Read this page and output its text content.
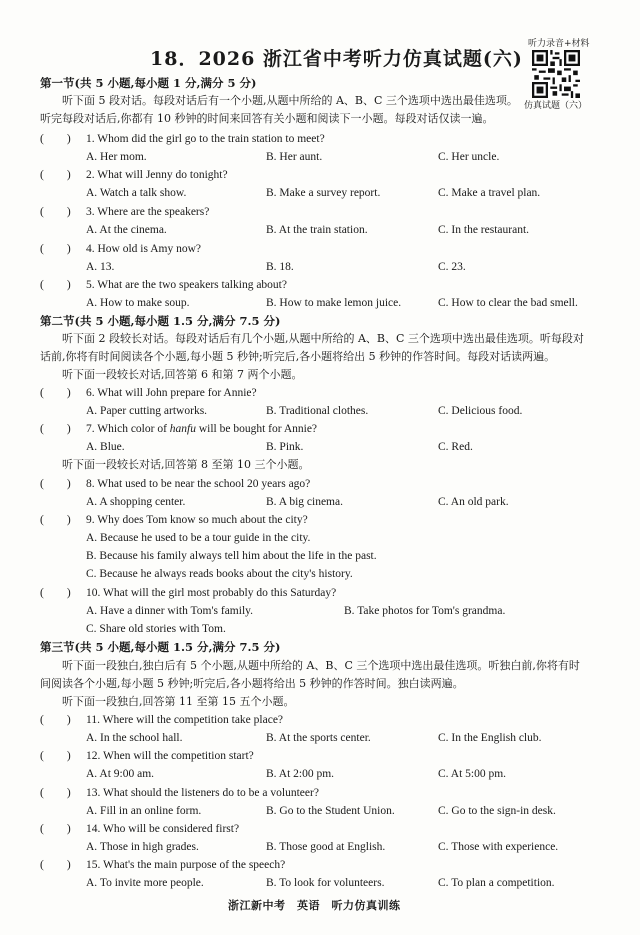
18．2026 浙江省中考听力仿真试题(六)
听力录音+材料
仿真试题（六）
第一节(共 5 小题,每小题 1 分,满分 5 分)
听下面 5 段对话。每段对话后有一个小题,从题中所给的 A、B、C 三个选项中选出最佳选项。
听完每段对话后,你都有 10 秒钟的时间来回答有关小题和阅读下一小题。每段对话仅读一遍。
(　　) 1. Whom did the girl go to the train station to meet?
A. Her mom.	B. Her aunt.	C. Her uncle.
(　　) 2. What will Jenny do tonight?
A. Watch a talk show.	B. Make a survey report.	C. Make a travel plan.
(　　) 3. Where are the speakers?
A. At the cinema.	B. At the train station.	C. In the restaurant.
(　　) 4. How old is Amy now?
A. 13.	B. 18.	C. 23.
(　　) 5. What are the two speakers talking about?
A. How to make soup.	B. How to make lemon juice.	C. How to clear the bad smell.
第二节(共 5 小题,每小题 1.5 分,满分 7.5 分)
听下面 2 段较长对话。每段对话后有几个小题,从题中所给的 A、B、C 三个选项中选出最佳选项。听每段对
话前,你将有时间阅读各个小题,每小题 5 秒钟;听完后,各小题将给出 5 秒钟的作答时间。每段对话读两遍。
听下面一段较长对话,回答第 6 和第 7 两个小题。
(　　) 6. What will John prepare for Annie?
A. Paper cutting artworks.	B. Traditional clothes.	C. Delicious food.
(　　) 7. Which color of hanfu will be bought for Annie?
A. Blue.	B. Pink.	C. Red.
听下面一段较长对话,回答第 8 至第 10 三个小题。
(　　) 8. What used to be near the school 20 years ago?
A. A shopping center.	B. A big cinema.	C. An old park.
(　　) 9. Why does Tom know so much about the city?
A. Because he used to be a tour guide in the city.
B. Because his family always tell him about the life in the past.
C. Because he always reads books about the city's history.
(　　) 10. What will the girl most probably do this Saturday?
A. Have a dinner with Tom's family.	B. Take photos for Tom's grandma.
C. Share old stories with Tom.
第三节(共 5 小题,每小题 1.5 分,满分 7.5 分)
听下面一段独白,独白后有 5 个小题,从题中所给的 A、B、C 三个选项中选出最佳选项。听独白前,你将有时
间阅读各个小题,每小题 5 秒钟;听完后,各小题将给出 5 秒钟的作答时间。独白读两遍。
听下面一段独白,回答第 11 至第 15 五个小题。
(　　) 11. Where will the competition take place?
A. In the school hall.	B. At the sports center.	C. In the English club.
(　　) 12. When will the competition start?
A. At 9:00 am.	B. At 2:00 pm.	C. At 5:00 pm.
(　　) 13. What should the listeners do to be a volunteer?
A. Fill in an online form.	B. Go to the Student Union.	C. Go to the sign-in desk.
(　　) 14. Who will be considered first?
A. Those in high grades.	B. Those good at English.	C. Those with experience.
(　　) 15. What's the main purpose of the speech?
A. To invite more people.	B. To look for volunteers.	C. To plan a competition.
浙江新中考　英语　听力仿真训练
